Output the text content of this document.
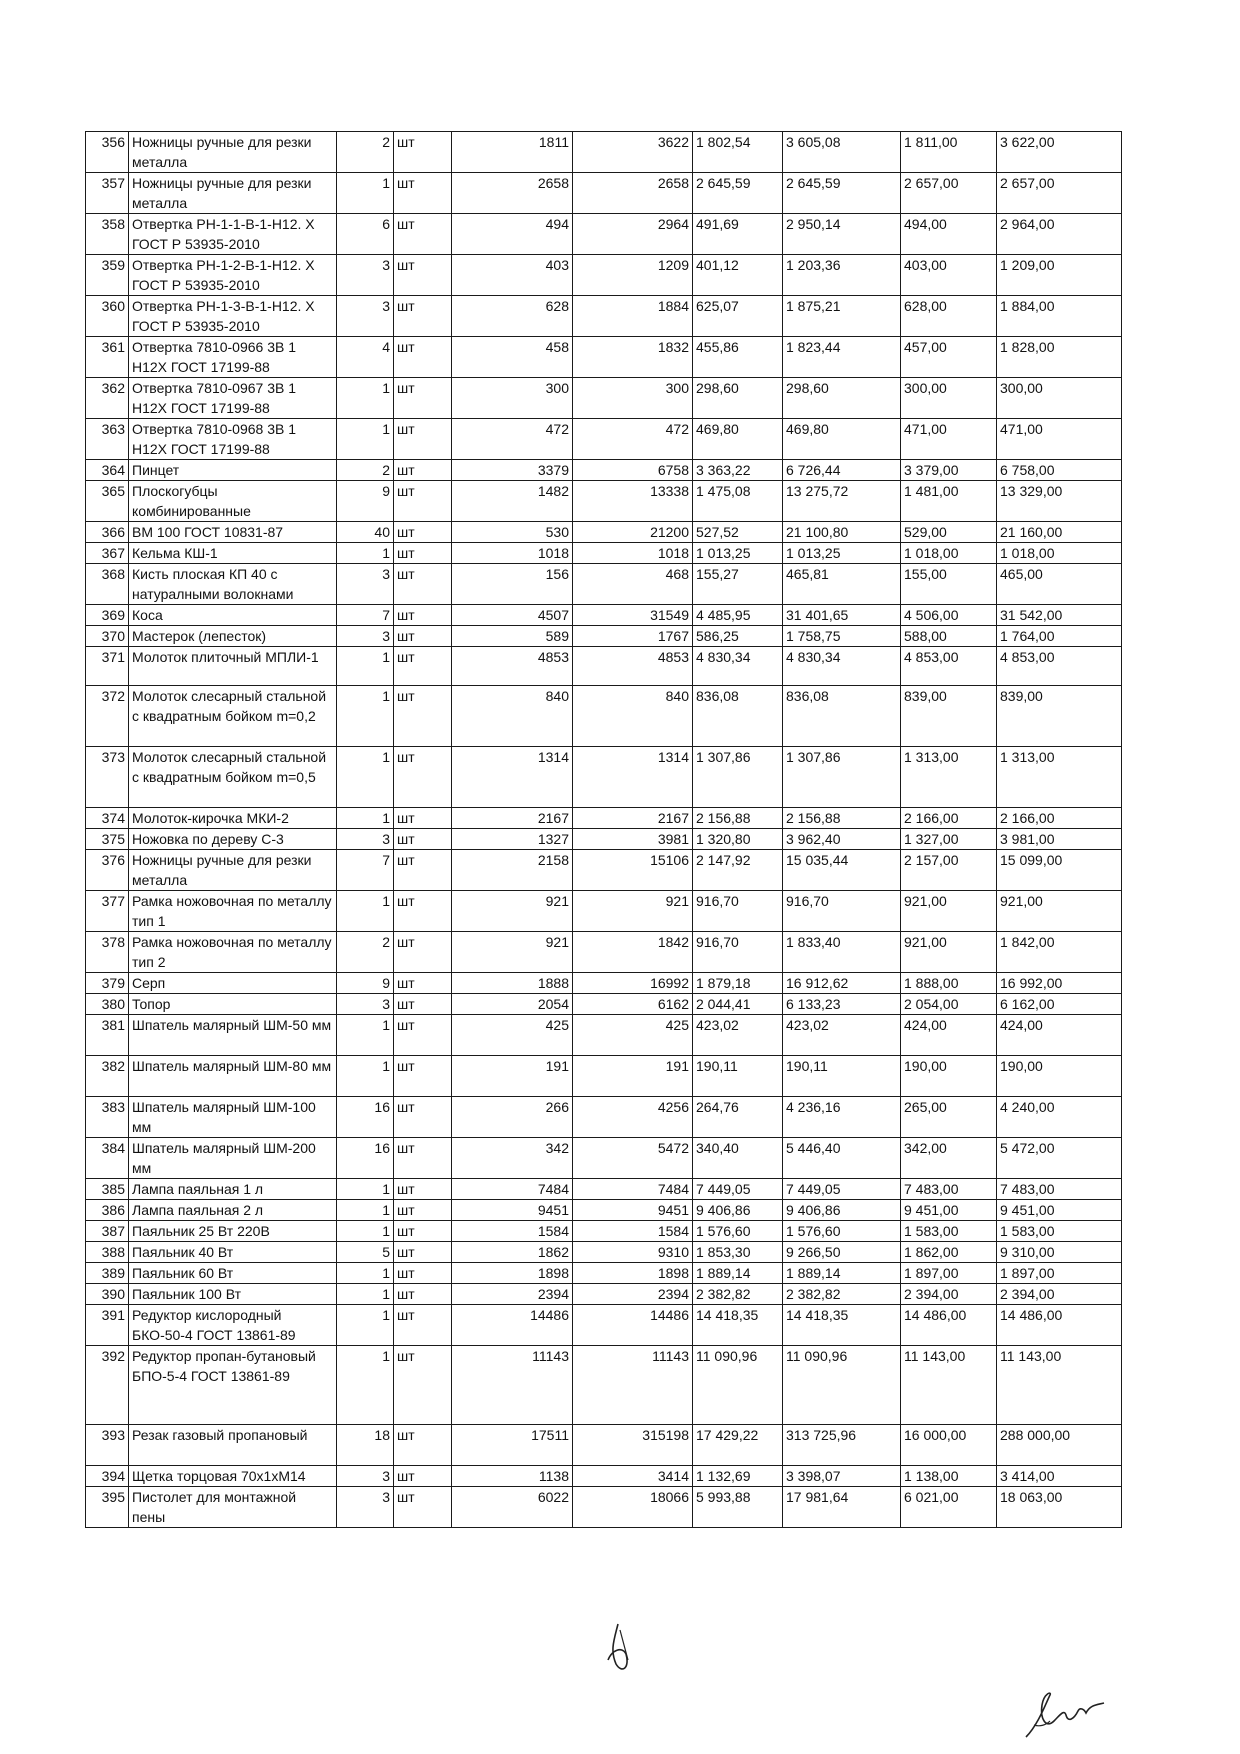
356	Ножницы ручные для резки металла	2	шт	1811	3622	1 802,54	3 605,08	1 811,00	3 622,00
357	Ножницы ручные для резки металла	1	шт	2658	2658	2 645,59	2 645,59	2 657,00	2 657,00
358	Отвертка РН-1-1-В-1-Н12. Х ГОСТ Р 53935-2010	6	шт	494	2964	491,69	2 950,14	494,00	2 964,00
359	Отвертка РН-1-2-В-1-Н12. Х ГОСТ Р 53935-2010	3	шт	403	1209	401,12	1 203,36	403,00	1 209,00
360	Отвертка РН-1-3-В-1-Н12. Х ГОСТ Р 53935-2010	3	шт	628	1884	625,07	1 875,21	628,00	1 884,00
361	Отвертка 7810-0966 3В 1 Н12Х ГОСТ 17199-88	4	шт	458	1832	455,86	1 823,44	457,00	1 828,00
362	Отвертка 7810-0967 3В 1 Н12Х ГОСТ 17199-88	1	шт	300	300	298,60	298,60	300,00	300,00
363	Отвертка 7810-0968 3В 1 Н12Х ГОСТ 17199-88	1	шт	472	472	469,80	469,80	471,00	471,00
364	Пинцет	2	шт	3379	6758	3 363,22	6 726,44	3 379,00	6 758,00
365	Плоскогубцы комбинированные	9	шт	1482	13338	1 475,08	13 275,72	1 481,00	13 329,00
366	ВМ 100 ГОСТ 10831-87	40	шт	530	21200	527,52	21 100,80	529,00	21 160,00
367	Кельма КШ-1	1	шт	1018	1018	1 013,25	1 013,25	1 018,00	1 018,00
368	Кисть плоская КП 40 с натуралными волокнами	3	шт	156	468	155,27	465,81	155,00	465,00
369	Коса	7	шт	4507	31549	4 485,95	31 401,65	4 506,00	31 542,00
370	Мастерок (лепесток)	3	шт	589	1767	586,25	1 758,75	588,00	1 764,00
371	Молоток плиточный МПЛИ-1	1	шт	4853	4853	4 830,34	4 830,34	4 853,00	4 853,00
372	Молоток слесарный стальной с квадратным бойком m=0,2	1	шт	840	840	836,08	836,08	839,00	839,00
373	Молоток слесарный стальной с квадратным бойком m=0,5	1	шт	1314	1314	1 307,86	1 307,86	1 313,00	1 313,00
374	Молоток-кирочка МКИ-2	1	шт	2167	2167	2 156,88	2 156,88	2 166,00	2 166,00
375	Ножовка по дереву С-3	3	шт	1327	3981	1 320,80	3 962,40	1 327,00	3 981,00
376	Ножницы ручные для резки металла	7	шт	2158	15106	2 147,92	15 035,44	2 157,00	15 099,00
377	Рамка ножовочная по металлу тип 1	1	шт	921	921	916,70	916,70	921,00	921,00
378	Рамка ножовочная по металлу тип 2	2	шт	921	1842	916,70	1 833,40	921,00	1 842,00
379	Серп	9	шт	1888	16992	1 879,18	16 912,62	1 888,00	16 992,00
380	Топор	3	шт	2054	6162	2 044,41	6 133,23	2 054,00	6 162,00
381	Шпатель малярный ШМ-50 мм	1	шт	425	425	423,02	423,02	424,00	424,00
382	Шпатель малярный ШМ-80 мм	1	шт	191	191	190,11	190,11	190,00	190,00
383	Шпатель малярный ШМ-100 мм	16	шт	266	4256	264,76	4 236,16	265,00	4 240,00
384	Шпатель малярный ШМ-200 мм	16	шт	342	5472	340,40	5 446,40	342,00	5 472,00
385	Лампа паяльная 1 л	1	шт	7484	7484	7 449,05	7 449,05	7 483,00	7 483,00
386	Лампа паяльная 2 л	1	шт	9451	9451	9 406,86	9 406,86	9 451,00	9 451,00
387	Паяльник 25 Вт 220В	1	шт	1584	1584	1 576,60	1 576,60	1 583,00	1 583,00
388	Паяльник 40 Вт	5	шт	1862	9310	1 853,30	9 266,50	1 862,00	9 310,00
389	Паяльник 60 Вт	1	шт	1898	1898	1 889,14	1 889,14	1 897,00	1 897,00
390	Паяльник 100 Вт	1	шт	2394	2394	2 382,82	2 382,82	2 394,00	2 394,00
391	Редуктор кислородный БКО-50-4 ГОСТ 13861-89	1	шт	14486	14486	14 418,35	14 418,35	14 486,00	14 486,00
392	Редуктор пропан-бутановый БПО-5-4 ГОСТ 13861-89	1	шт	11143	11143	11 090,96	11 090,96	11 143,00	11 143,00
393	Резак газовый пропановый	18	шт	17511	315198	17 429,22	313 725,96	16 000,00	288 000,00
394	Щетка торцовая 70х1хМ14	3	шт	1138	3414	1 132,69	3 398,07	1 138,00	3 414,00
395	Пистолет для монтажной пены	3	шт	6022	18066	5 993,88	17 981,64	6 021,00	18 063,00
